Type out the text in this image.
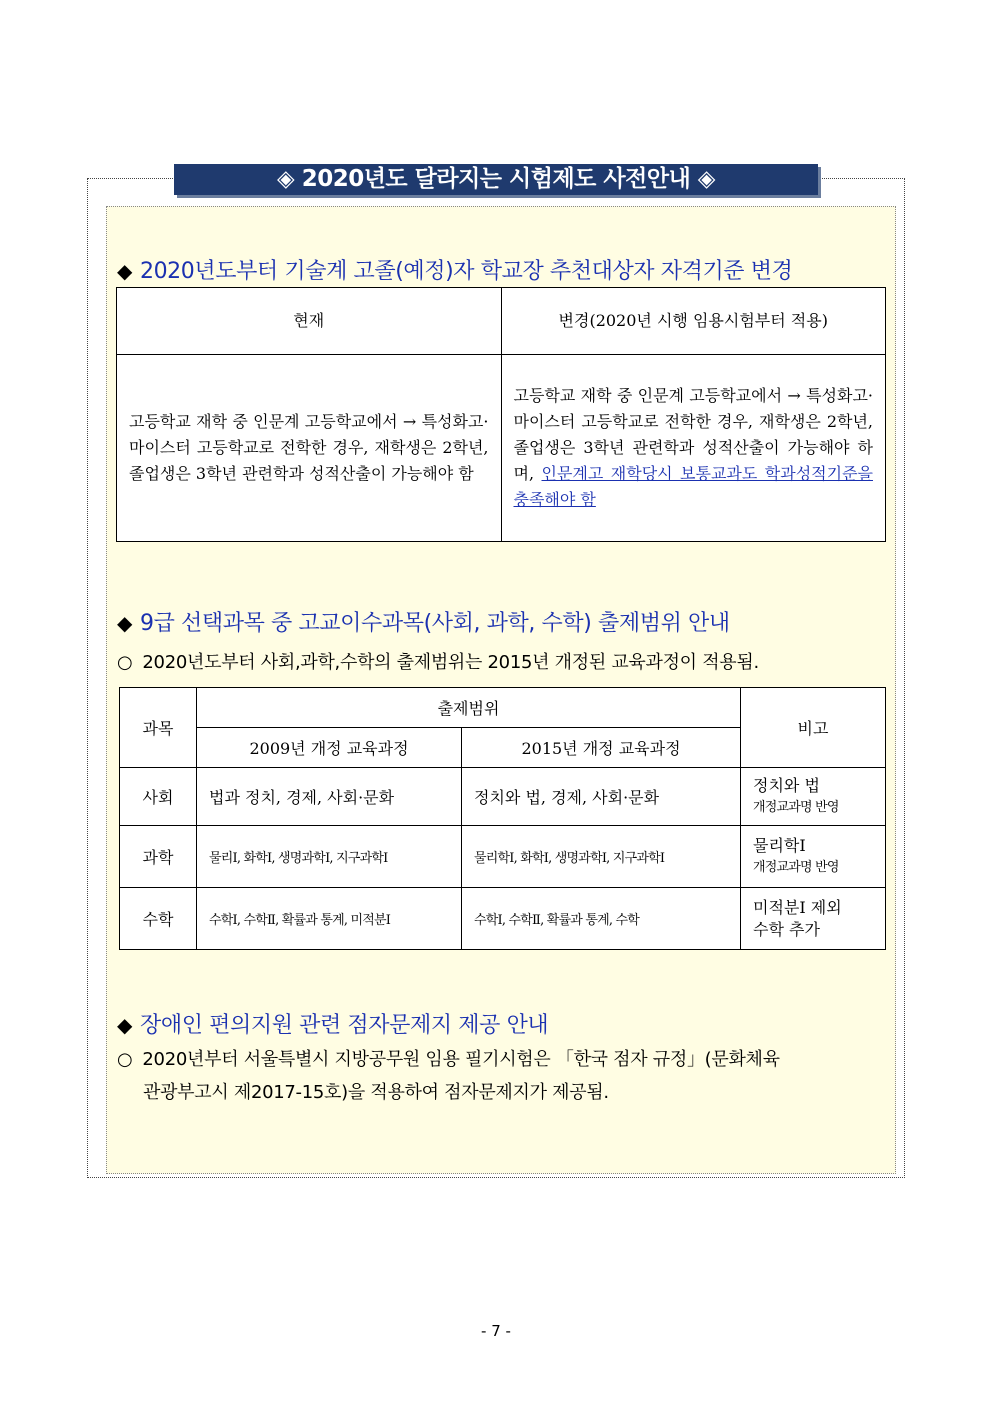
◈ 2020년도 달라지는 시험제도 사전안내 ◈
◆ 2020년도부터 기술계 고졸(예정)자 학교장 추천대상자 자격기준 변경
현재	변경(2020년 시행 임용시험부터 적용)
고등학교 재학 중 인문계 고등학교에서 → 특성화고·마이스터 고등학교로 전학한 경우, 재학생은 2학년, 졸업생은 3학년 관련학과 성적산출이 가능해야 함	고등학교 재학 중 인문계 고등학교에서 → 특성화고·마이스터 고등학교로 전학한 경우, 재학생은 2학년, 졸업생은 3학년 관련학과 성적산출이 가능해야 하며, 인문계고 재학당시 보통교과도 학과성적기준을 충족해야 함
◆ 9급 선택과목 중 고교이수과목(사회, 과학, 수학) 출제범위 안내
○ 2020년도부터 사회,과학,수학의 출제범위는 2015년 개정된 교육과정이 적용됨.
과목	출제범위		비고
	2009년 개정 교육과정	2015년 개정 교육과정	
사회	법과 정치, 경제, 사회·문화	정치와 법, 경제, 사회·문화	정치와 법
개정교과명 반영

과학	물리Ⅰ, 화학Ⅰ, 생명과학Ⅰ, 지구과학Ⅰ	물리학Ⅰ, 화학Ⅰ, 생명과학Ⅰ, 지구과학Ⅰ	물리학Ⅰ
개정교과명 반영

수학	수학Ⅰ, 수학Ⅱ, 확률과 통계, 미적분Ⅰ	수학Ⅰ, 수학Ⅱ, 확률과 통계, 수학	미적분Ⅰ 제외
수학 추가
◆ 장애인 편의지원 관련 점자문제지 제공 안내
○ 2020년부터 서울특별시 지방공무원 임용 필기시험은 「한국 점자 규정」(문화체육
관광부고시 제2017-15호)을 적용하여 점자문제지가 제공됨.
- 7 -
